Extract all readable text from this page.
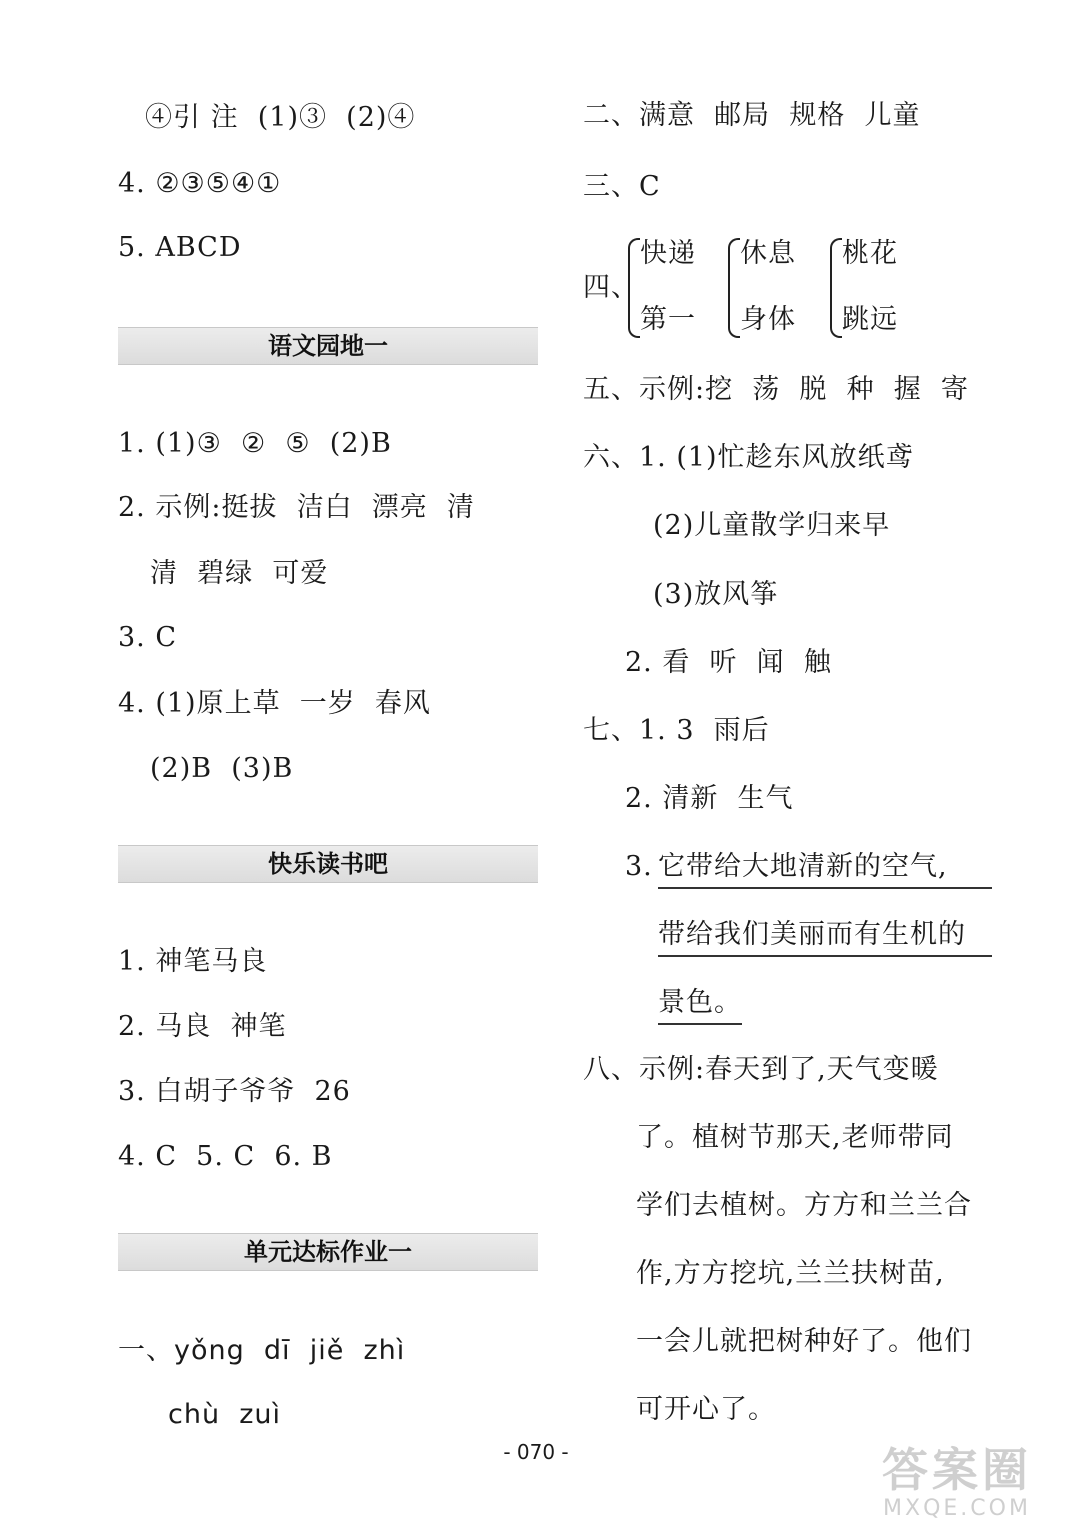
④引 注  (1)③  (2)④
4. ②③⑤④①
5. ABCD
语文园地一
1. (1)③  ②  ⑤  (2)B
2. 示例:挺拔  洁白  漂亮  清
清  碧绿  可爱
3. C
4. (1)原上草  一岁  春风
(2)B  (3)B
快乐读书吧
1. 神笔马良
2. 马良  神笔
3. 白胡子爷爷  26
4. C  5. C  6. B
单元达标作业一
一、yǒng  dī  jiě  zhì
chù  zuì
二、满意  邮局  规格  儿童
三、C
四、
快递
第一
休息
身体
桃花
跳远
五、示例:挖  荡  脱  种  握  寄
六、1. (1)忙趁东风放纸鸢
(2)儿童散学归来早
(3)放风筝
2. 看  听  闻  触
七、1. 3  雨后
2. 清新  生气
3.
它带给大地清新的空气,
带给我们美丽而有生机的
景色。
八、示例:春天到了,天气变暖
了。植树节那天,老师带同
学们去植树。方方和兰兰合
作,方方挖坑,兰兰扶树苗,
一会儿就把树种好了。他们
可开心了。
- 070 -	答案圈
MXQE.COM
